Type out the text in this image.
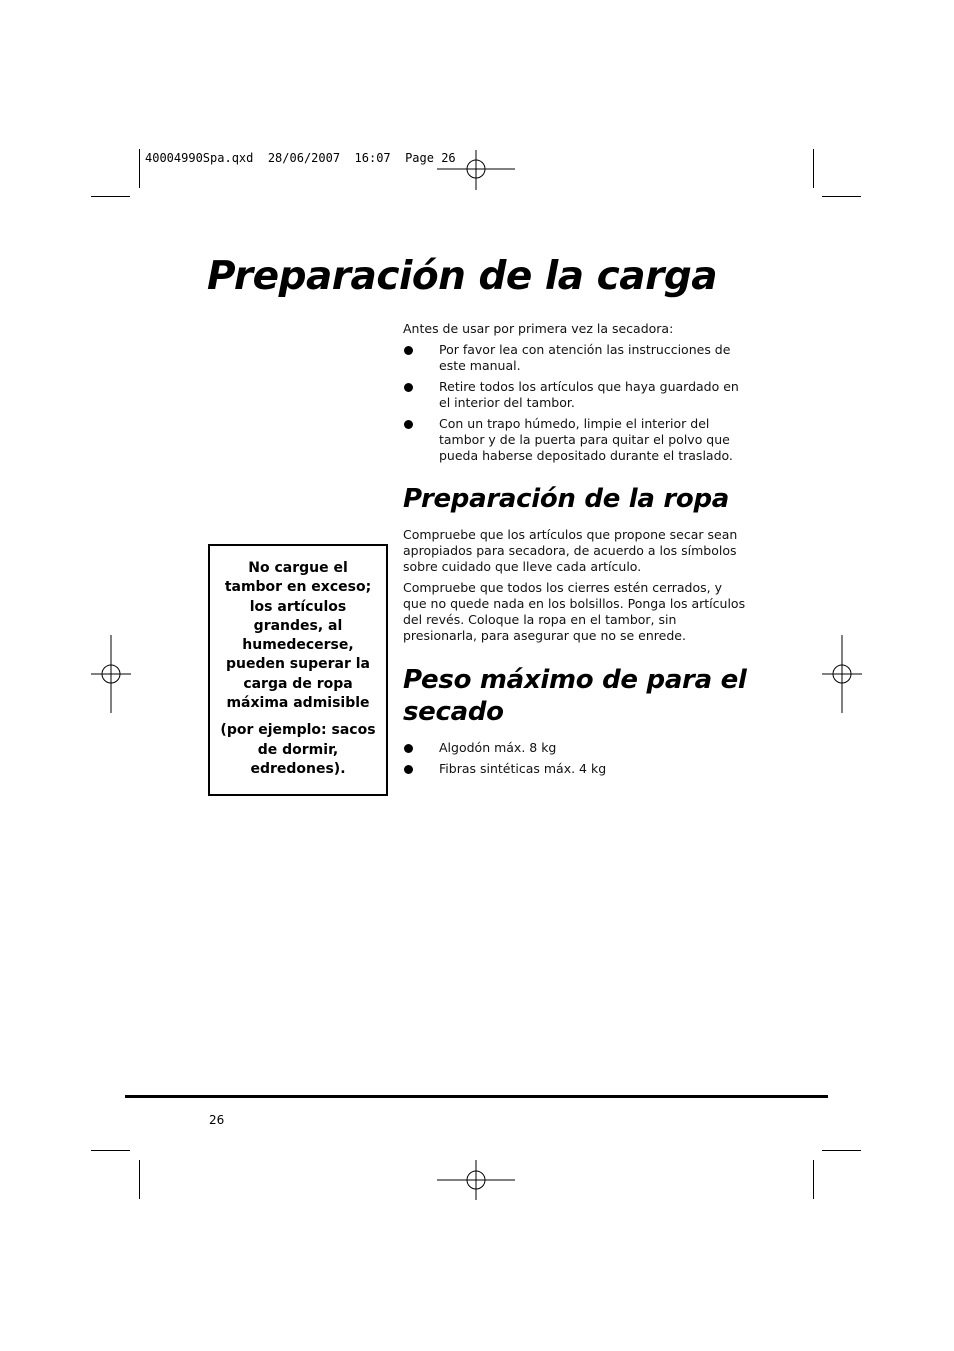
40004990Spa.qxd  28/06/2007  16:07  Page 26
Preparación de la carga
Antes de usar por primera vez la secadora:
Por favor lea con atención las instrucciones de este manual.
Retire todos los artículos que haya guardado en el interior del tambor.
Con un trapo húmedo, limpie el interior del tambor y de la puerta para quitar el polvo que pueda haberse depositado durante el traslado.
Preparación de la ropa

Compruebe que los artículos que propone secar sean apropiados para secadora, de acuerdo a los símbolos sobre cuidado que lleve cada artículo.

Compruebe que todos los cierres estén cerrados, y que no quede nada en los bolsillos. Ponga los artículos del revés. Coloque la ropa en el tambor, sin presionarla, para asegurar que no se enrede.

Peso máximo de para el
secado
Algodón máx. 8 kg
Fibras sintéticas máx. 4 kg

No cargue el tambor en exceso; los artículos grandes, al humedecerse, pueden superar la carga de ropa máxima admisible

(por ejemplo: sacos de dormir, edredones).

26
